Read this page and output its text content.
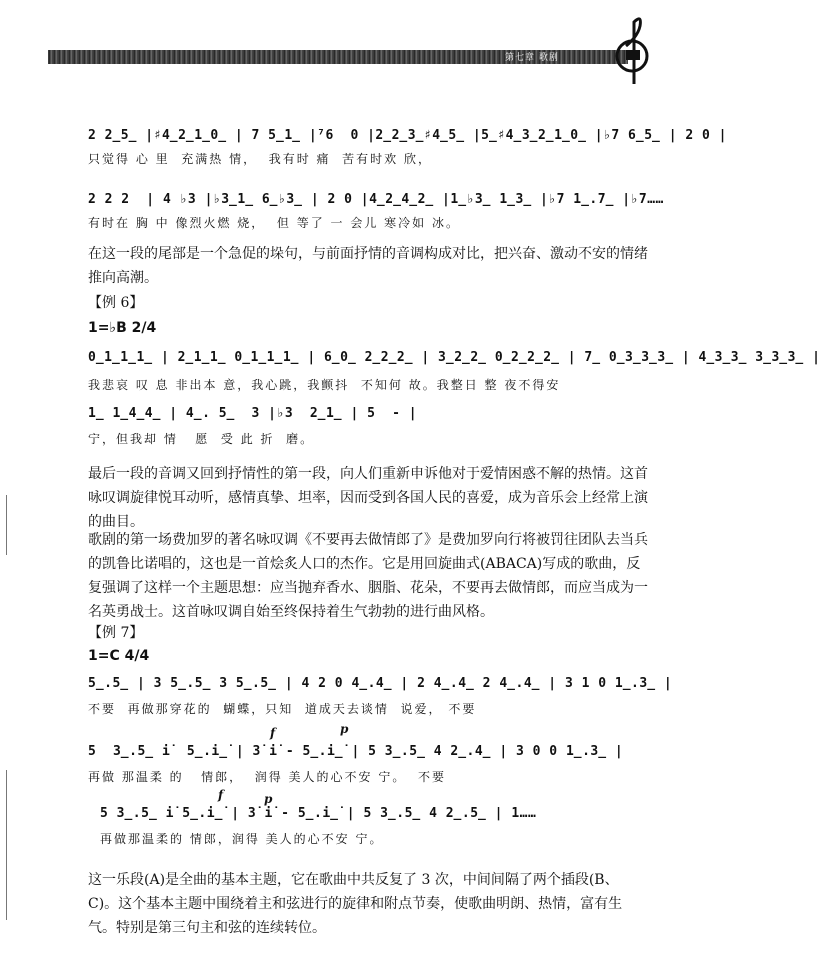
第七章 歌剧
2 2̲5̲ |♯4̲2̲1̲0̲ | 7 5̲1̲ |⁷6  0 |2̲2̲3̲♯4̲5̲ |5̲♯4̲3̲2̲1̲0̲ |♭7 6̲5̲ | 2 0 |
只觉得 心 里  充满热 情，  我有时 痛  苦有时欢 欣，
2 2 2  | 4 ♭3 |♭3̲1̲ 6̲♭3̲ | 2 0 |4̲2̲4̲2̲ |1̲♭3̲ 1̲3̲ |♭7 1̲.7̲ |♭7……
有时在 胸 中 像烈火燃 烧，  但 等了 一 会儿 寒冷如 冰。
在这一段的尾部是一个急促的垛句，与前面抒情的音调构成对比，把兴奋、激动不安的情绪推向高潮。
【例 6】
1=♭B 2/4
0̲1̲1̲1̲ | 2̲1̲1̲ 0̲1̲1̲1̲ | 6̲0̲ 2̲2̲2̲ | 3̲2̲2̲ 0̲2̲2̲2̲ | 7̲ 0̲3̲3̲3̲ | 4̲3̲3̲ 3̲3̲3̲ |
我悲哀 叹 息 非出本 意，我心跳，我颤抖  不知何 故。我整日 整 夜不得安
1̲ 1̲4̲4̲ | 4̲. 5̲  3 |♭3  2̲1̲ | 5  - |
宁，但我却 情   愿  受 此 折  磨。
最后一段的音调又回到抒情性的第一段，向人们重新申诉他对于爱情困惑不解的热情。这首咏叹调旋律悦耳动听，感情真挚、坦率，因而受到各国人民的喜爱，成为音乐会上经常上演的曲目。
歌剧的第一场费加罗的著名咏叹调《不要再去做情郎了》是费加罗向行将被罚往团队去当兵的凯鲁比诺唱的，这也是一首烩炙人口的杰作。它是用回旋曲式(ABACA)写成的歌曲，反复强调了这样一个主题思想：应当抛弃香水、胭脂、花朵，不要再去做情郎，而应当成为一名英勇战士。这首咏叹调自始至终保持着生气勃勃的进行曲风格。
【例 7】
1=C 4/4
5̲.5̲ | 3 5̲.5̲ 3 5̲.5̲ | 4 2 0 4̲.4̲ | 2 4̲.4̲ 2 4̲.4̲ | 3 1 0 1̲.3̲ |
不要  再做那穿花的  蝴蝶，只知  道成天去谈情  说爱， 不要
f	p
5  3̲.5̲ i̇  5̲.i̲̇ | 3̇ i̇ - 5̲.i̲̇ | 5 3̲.5̲ 4 2̲.4̲ | 3 0 0 1̲.3̲ |
再做 那温柔 的   情郎，  润得 美人的心不安 宁。  不要
f	p
5 3̲.5̲ i̇ 5̲.i̲̇ | 3̇ i̇ - 5̲.i̲̇ | 5 3̲.5̲ 4 2̲.5̲ | 1……
再做那温柔的 情郎，润得 美人的心不安 宁。
这一乐段(A)是全曲的基本主题，它在歌曲中共反复了 3 次，中间间隔了两个插段(B、C)。这个基本主题中围绕着主和弦进行的旋律和附点节奏，使歌曲明朗、热情，富有生气。特别是第三句主和弦的连续转位。
